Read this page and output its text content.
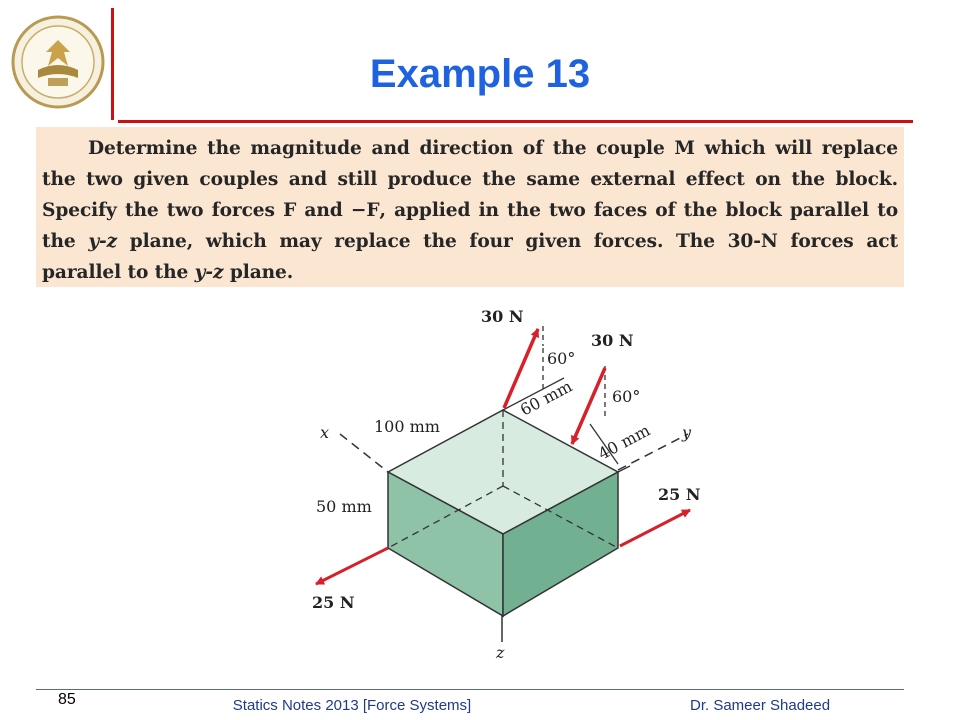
Example 13

Determine the magnitude and direction of the couple M which will replace the two given couples and still produce the same external effect on the block. Specify the two forces F and −F, applied in the two faces of the block parallel to the y-z plane, which may replace the four given forces. The 30-N forces act parallel to the y-z plane.

30 N
30 N
60°
60°
60 mm
40 mm
100 mm
50 mm
25 N
25 N
x	y
z
85	Statics Notes 2013 [Force Systems]	Dr. Sameer Shadeed
